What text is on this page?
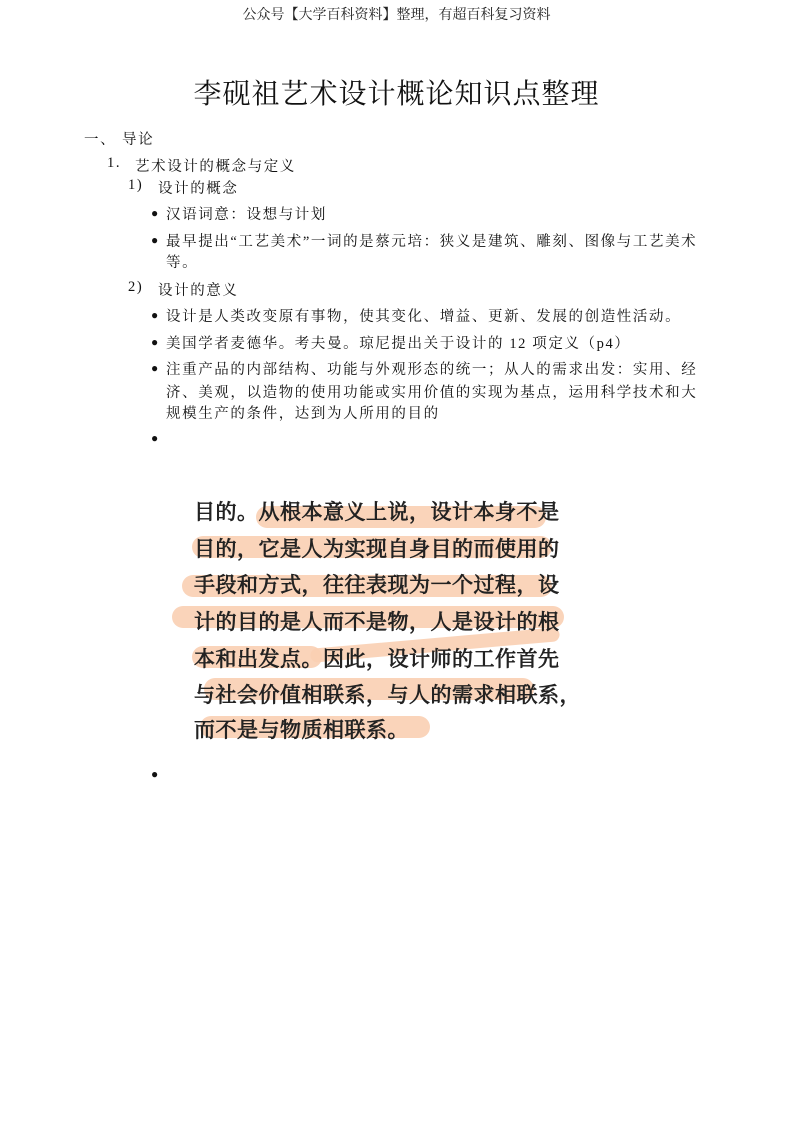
公众号【大学百科资料】整理，有超百科复习资料
李砚祖艺术设计概论知识点整理
一、 导论
1. 艺术设计的概念与定义
1) 设计的概念
● 汉语词意：设想与计划
● 最早提出“工艺美术”一词的是蔡元培：狭义是建筑、雕刻、图像与工艺美术
等。
2) 设计的意义
● 设计是人类改变原有事物，使其变化、增益、更新、发展的创造性活动。
● 美国学者麦德华。考夫曼。琼尼提出关于设计的 12 项定义（p4）
● 注重产品的内部结构、功能与外观形态的统一；从人的需求出发：实用、经
济、美观，以造物的使用功能或实用价值的实现为基点，运用科学技术和大
规模生产的条件，达到为人所用的目的
●
目的。从根本意义上说，设计本身不是
目的，它是人为实现自身目的而使用的
手段和方式，往往表现为一个过程，设
计的目的是人而不是物，人是设计的根
本和出发点。因此，设计师的工作首先
与社会价值相联系，与人的需求相联系，
而不是与物质相联系。
●
